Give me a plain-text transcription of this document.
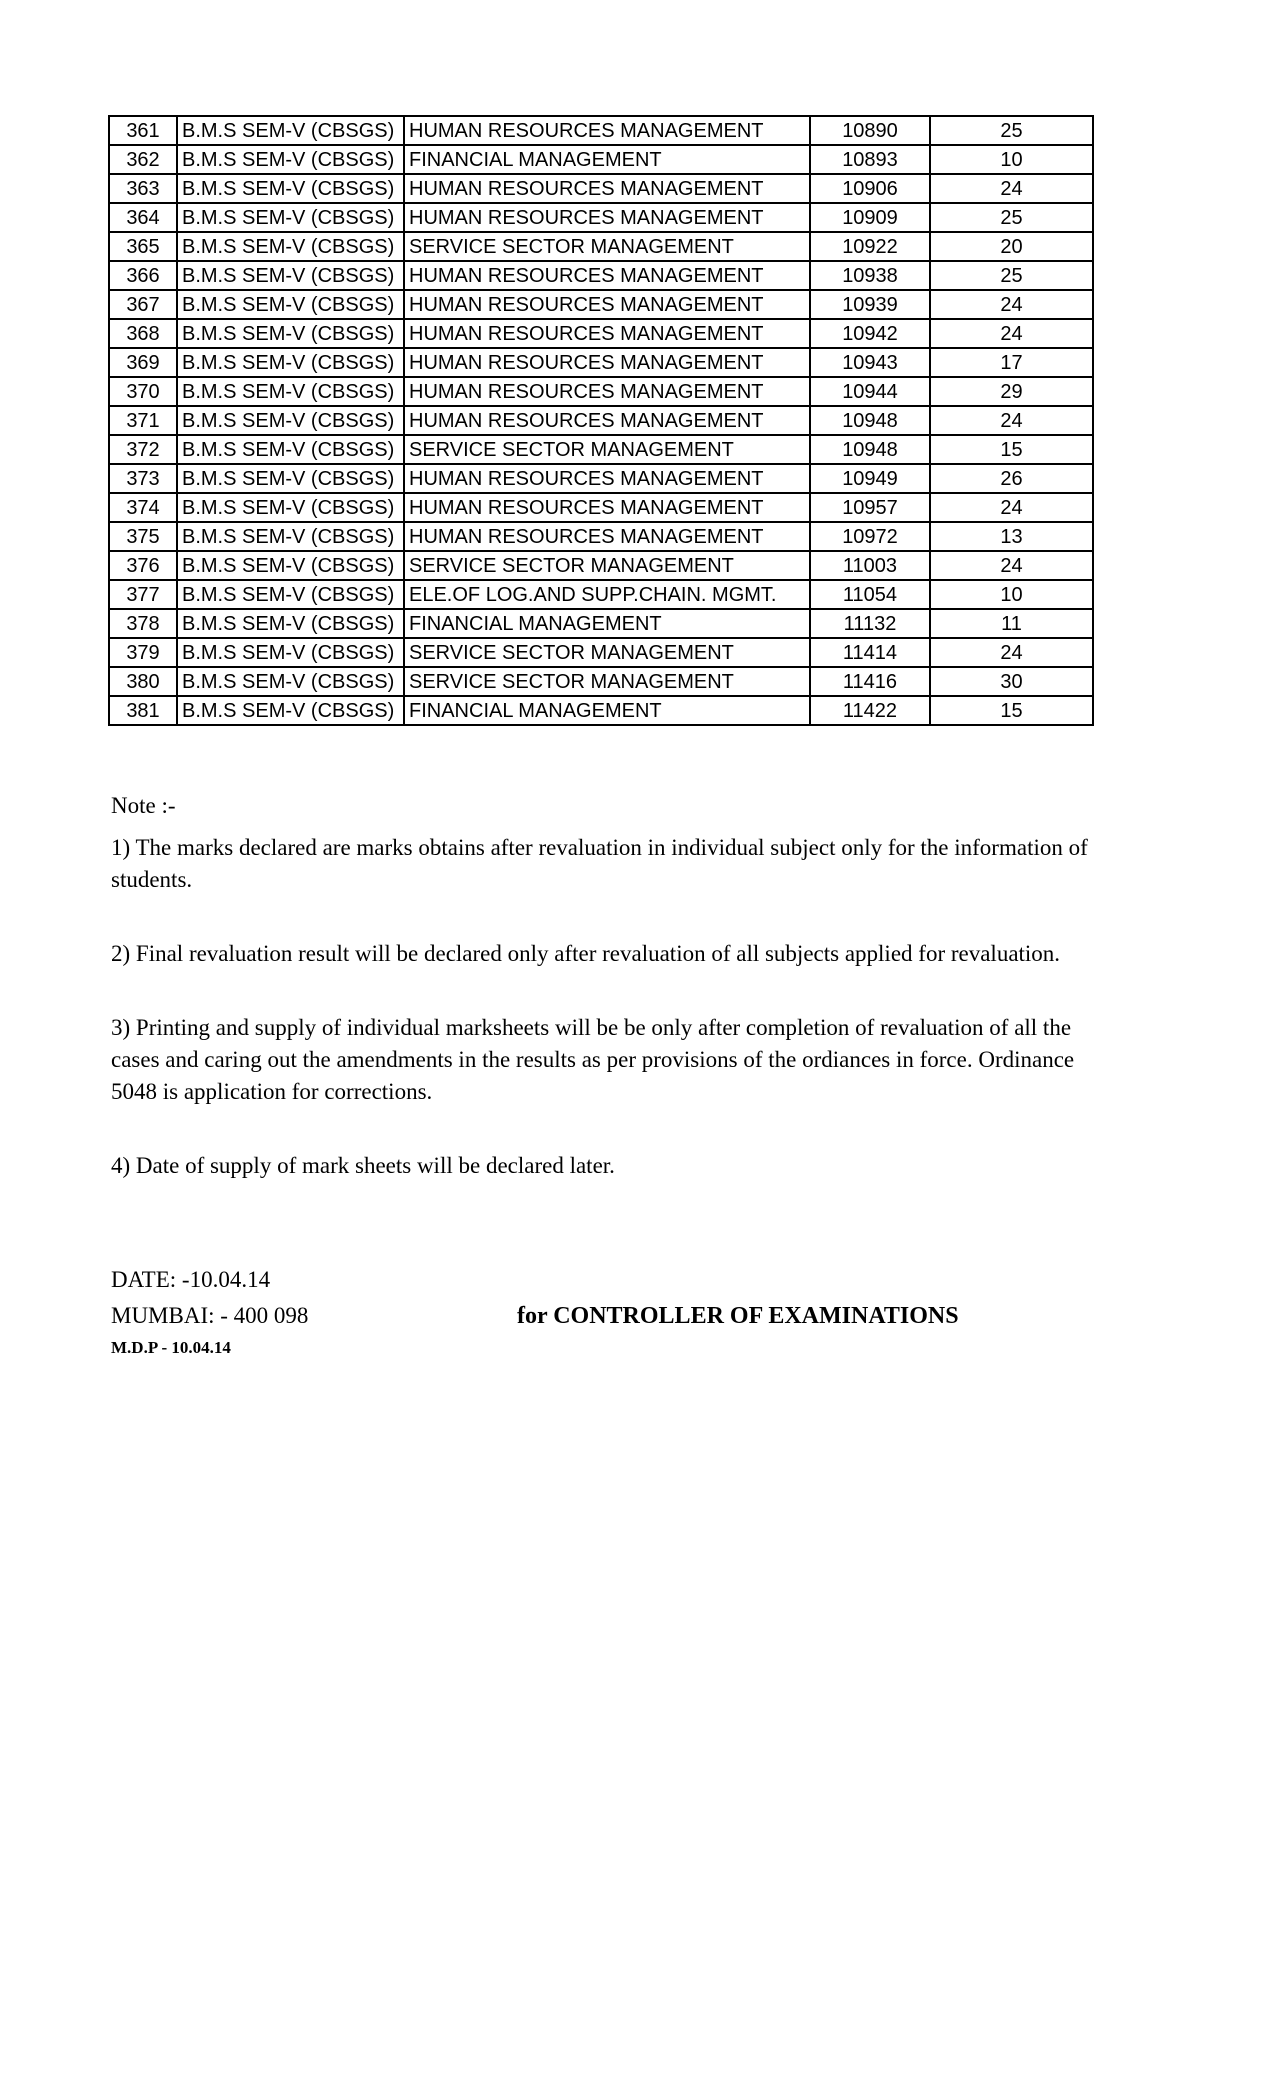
361	B.M.S SEM-V (CBSGS)	HUMAN RESOURCES MANAGEMENT	10890	25
362	B.M.S SEM-V (CBSGS)	FINANCIAL MANAGEMENT	10893	10
363	B.M.S SEM-V (CBSGS)	HUMAN RESOURCES MANAGEMENT	10906	24
364	B.M.S SEM-V (CBSGS)	HUMAN RESOURCES MANAGEMENT	10909	25
365	B.M.S SEM-V (CBSGS)	SERVICE SECTOR MANAGEMENT	10922	20
366	B.M.S SEM-V (CBSGS)	HUMAN RESOURCES MANAGEMENT	10938	25
367	B.M.S SEM-V (CBSGS)	HUMAN RESOURCES MANAGEMENT	10939	24
368	B.M.S SEM-V (CBSGS)	HUMAN RESOURCES MANAGEMENT	10942	24
369	B.M.S SEM-V (CBSGS)	HUMAN RESOURCES MANAGEMENT	10943	17
370	B.M.S SEM-V (CBSGS)	HUMAN RESOURCES MANAGEMENT	10944	29
371	B.M.S SEM-V (CBSGS)	HUMAN RESOURCES MANAGEMENT	10948	24
372	B.M.S SEM-V (CBSGS)	SERVICE SECTOR MANAGEMENT	10948	15
373	B.M.S SEM-V (CBSGS)	HUMAN RESOURCES MANAGEMENT	10949	26
374	B.M.S SEM-V (CBSGS)	HUMAN RESOURCES MANAGEMENT	10957	24
375	B.M.S SEM-V (CBSGS)	HUMAN RESOURCES MANAGEMENT	10972	13
376	B.M.S SEM-V (CBSGS)	SERVICE SECTOR MANAGEMENT	11003	24
377	B.M.S SEM-V (CBSGS)	ELE.OF LOG.AND SUPP.CHAIN. MGMT.	11054	10
378	B.M.S SEM-V (CBSGS)	FINANCIAL MANAGEMENT	11132	11
379	B.M.S SEM-V (CBSGS)	SERVICE SECTOR MANAGEMENT	11414	24
380	B.M.S SEM-V (CBSGS)	SERVICE SECTOR MANAGEMENT	11416	30
381	B.M.S SEM-V (CBSGS)	FINANCIAL MANAGEMENT	11422	15
Note :-
1) The marks declared are marks obtains after revaluation in individual subject only for the information of students.
2) Final revaluation result will be declared only after revaluation of all subjects applied for revaluation.
3) Printing and supply of individual marksheets will be be only after completion of revaluation of all the cases and caring out the amendments in the results as per provisions of the ordiances in force. Ordinance 5048 is application for corrections.
4) Date of supply of mark sheets will be declared later.
DATE: -10.04.14
MUMBAI: - 400 098	for CONTROLLER OF EXAMINATIONS
M.D.P - 10.04.14
